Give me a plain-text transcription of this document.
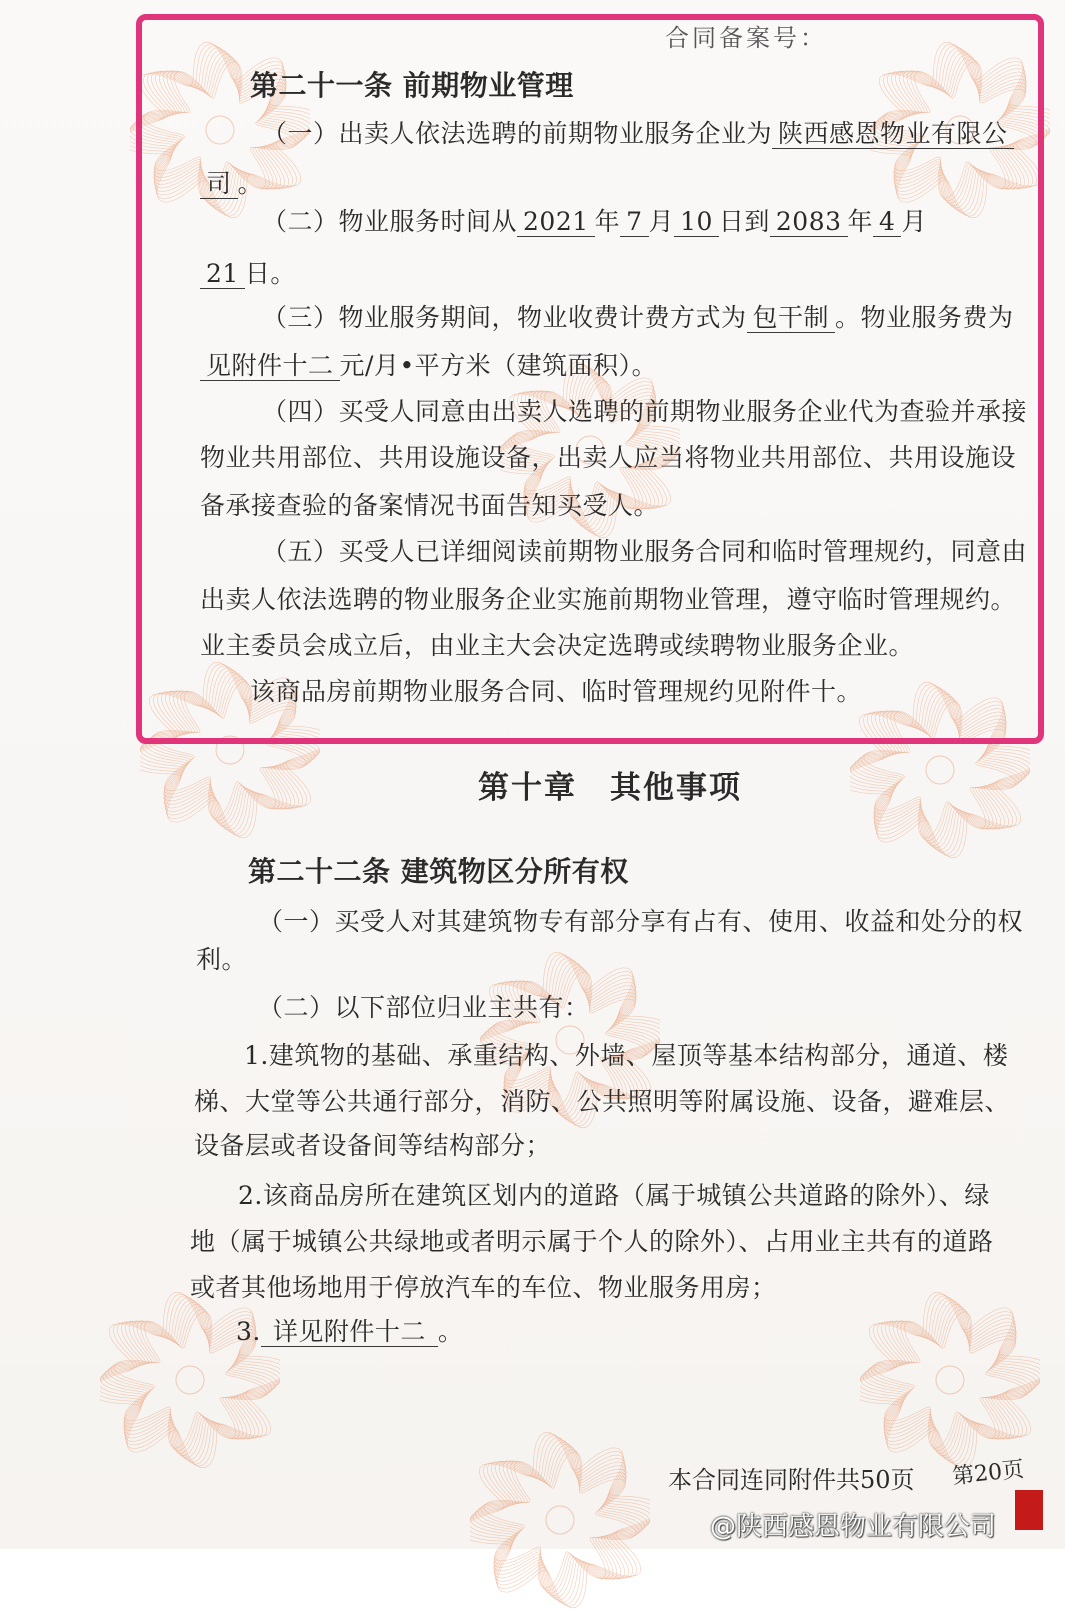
合同备案号：
第二十一条 前期物业管理
（一）出卖人依法选聘的前期物业服务企业为 陕西感恩物业有限公
司 。
（二）物业服务时间从 2021 年 7 月 10 日到 2083 年 4 月
21 日。
（三）物业服务期间，物业收费计费方式为 包干制 。物业服务费为
见附件十二 元/月•平方米（建筑面积）。
（四）买受人同意由出卖人选聘的前期物业服务企业代为查验并承接
物业共用部位、共用设施设备，出卖人应当将物业共用部位、共用设施设
备承接查验的备案情况书面告知买受人。
（五）买受人已详细阅读前期物业服务合同和临时管理规约，同意由
出卖人依法选聘的物业服务企业实施前期物业管理，遵守临时管理规约。
业主委员会成立后，由业主大会决定选聘或续聘物业服务企业。
该商品房前期物业服务合同、临时管理规约见附件十。
第十章　其他事项
第二十二条 建筑物区分所有权
（一）买受人对其建筑物专有部分享有占有、使用、收益和处分的权
利。
（二）以下部位归业主共有：
1.建筑物的基础、承重结构、外墙、屋顶等基本结构部分，通道、楼
梯、大堂等公共通行部分，消防、公共照明等附属设施、设备，避难层、
设备层或者设备间等结构部分；
2.该商品房所在建筑区划内的道路（属于城镇公共道路的除外）、绿
地（属于城镇公共绿地或者明示属于个人的除外）、占用业主共有的道路
或者其他场地用于停放汽车的车位、物业服务用房；
3. 详见附件十二 。
本合同连同附件共50页 第20页
@陕西感恩物业有限公司
